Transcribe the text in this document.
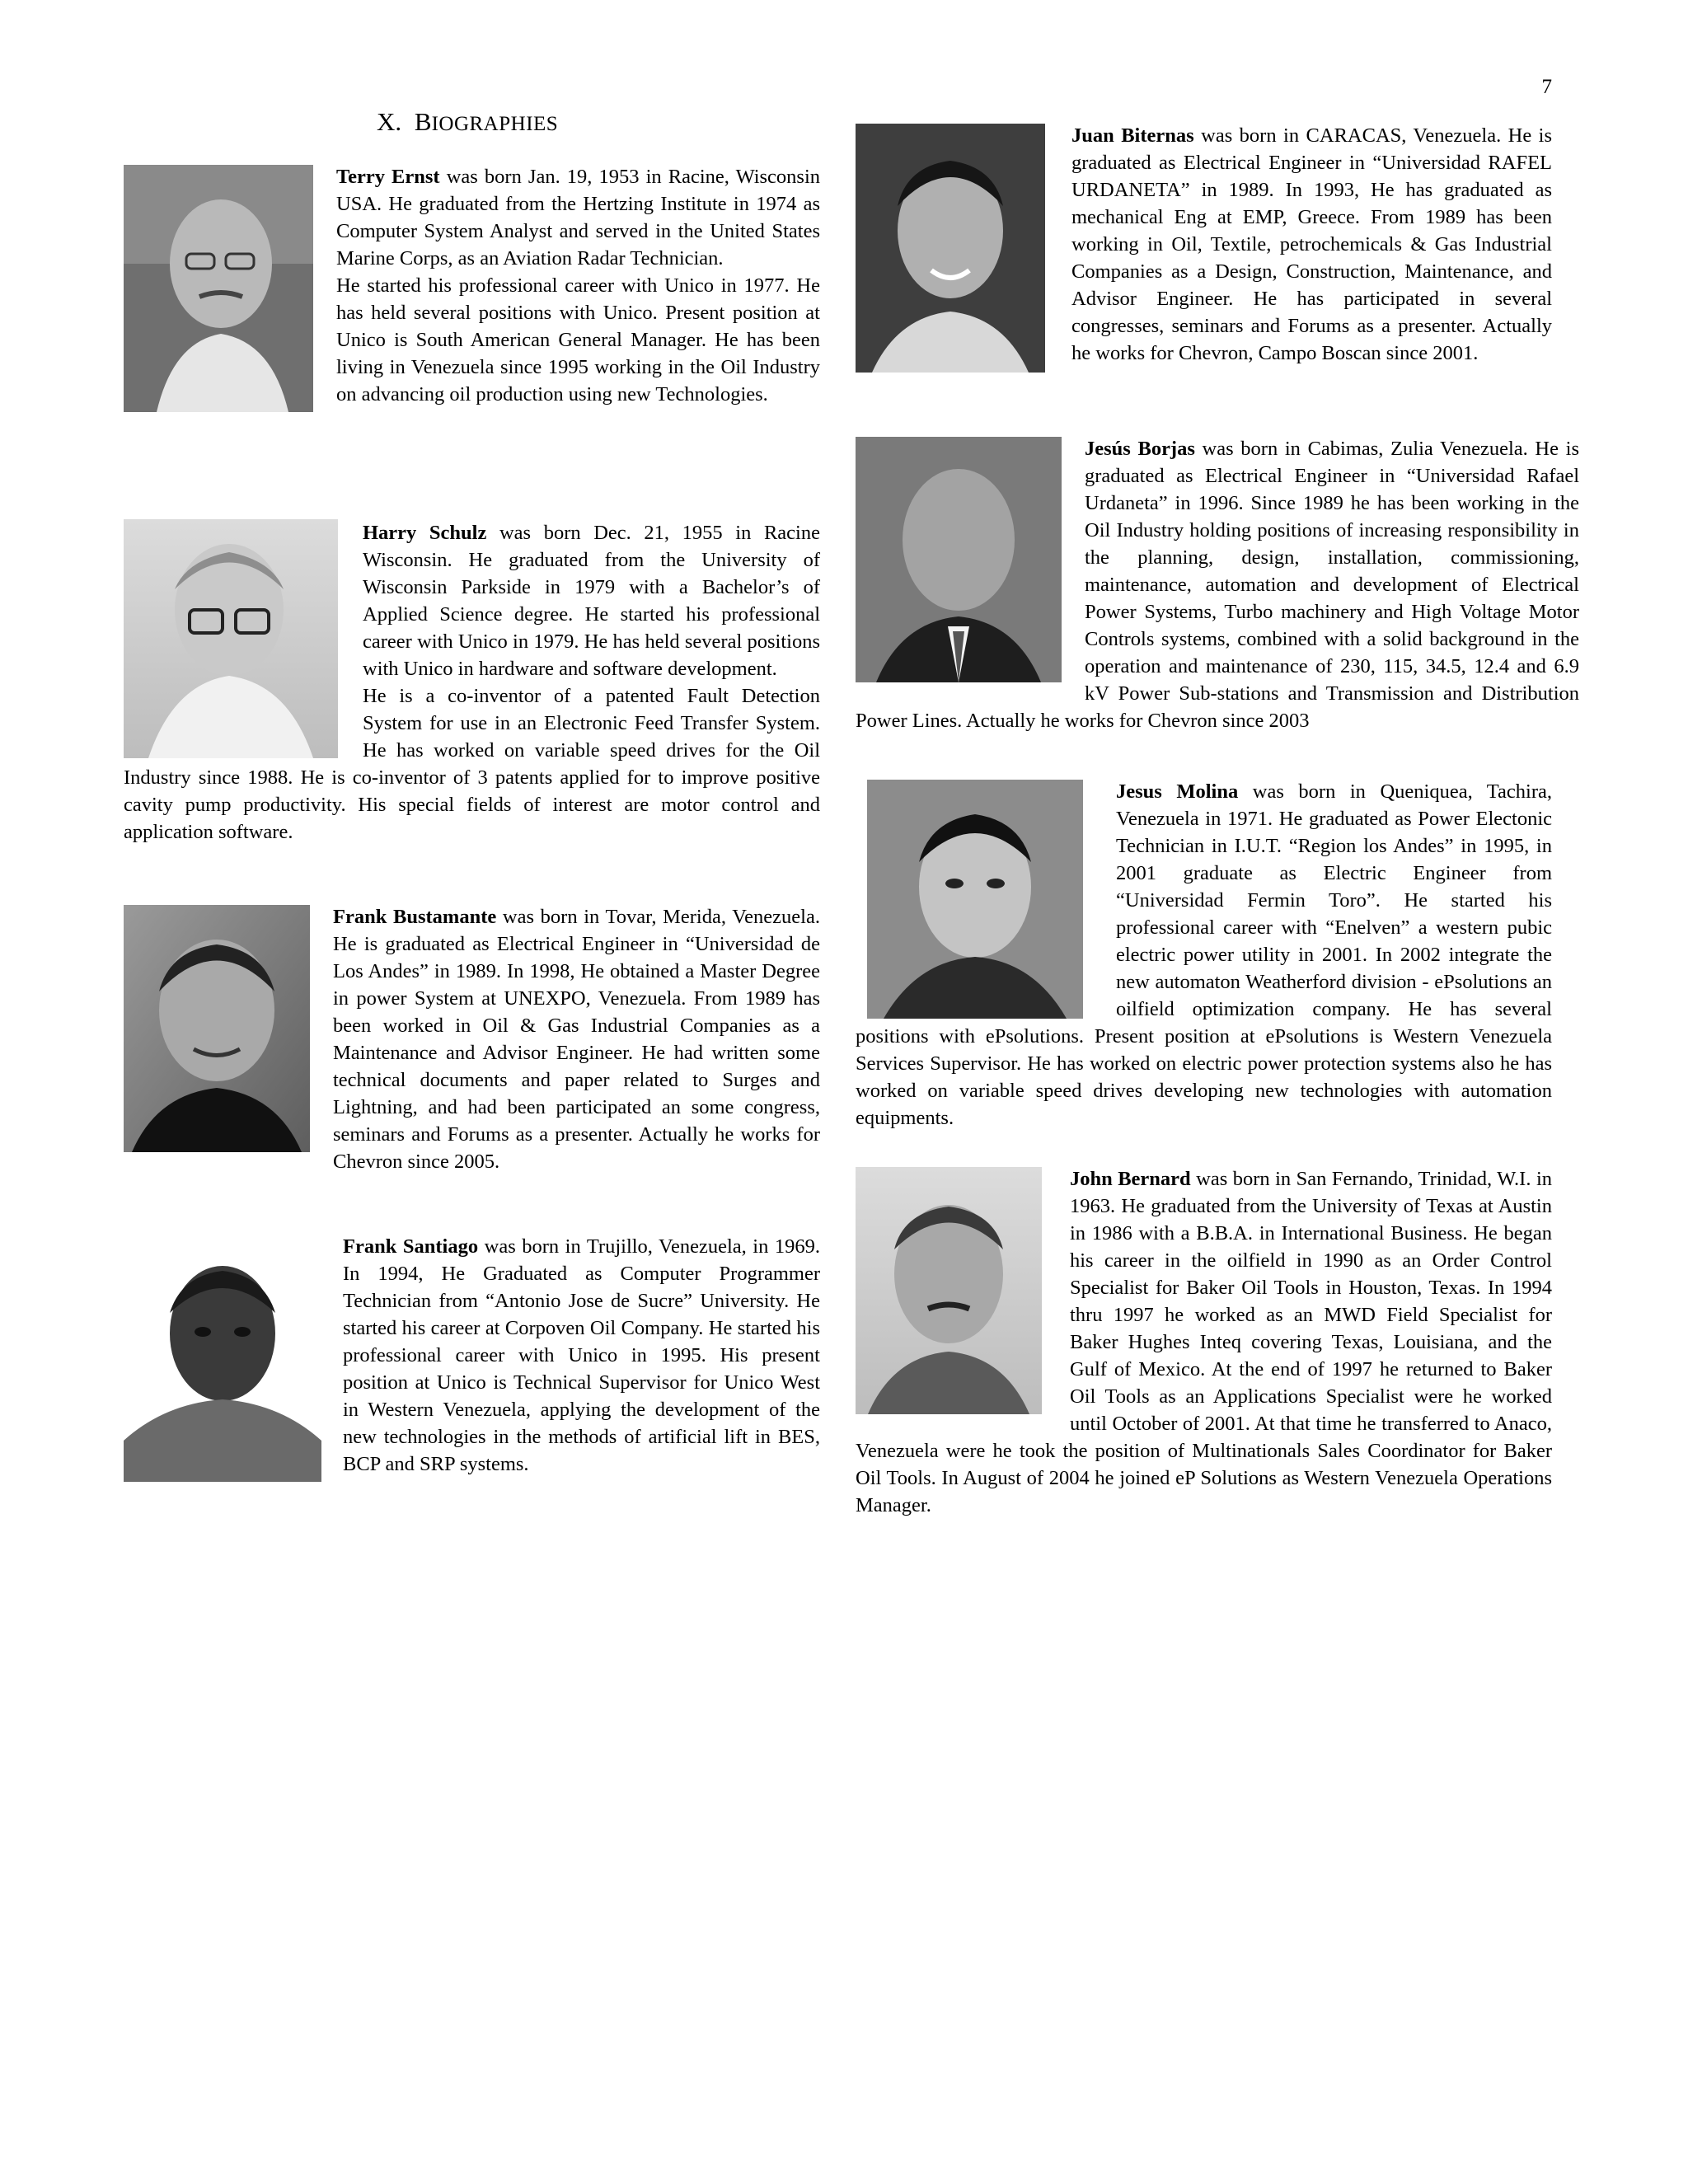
7
X. BIOGRAPHIES

Terry Ernst was born Jan. 19, 1953 in Racine, Wisconsin USA. He graduated from the Hertzing Institute in 1974 as Computer System Analyst and served in the United States Marine Corps, as an Aviation Radar Technician.

He started his professional career with Unico in 1977. He has held several positions with Unico. Present position at Unico is South American General Manager. He has been living in Venezuela since 1995 working in the Oil Industry on advancing oil production using new Technologies.

Harry Schulz was born Dec. 21, 1955 in Racine Wisconsin. He graduated from the University of Wisconsin Parkside in 1979 with a Bachelor’s of Applied Science degree. He started his professional career with Unico in 1979. He has held several positions with Unico in hardware and software development.

He is a co-inventor of a patented Fault Detection System for use in an Electronic Feed Transfer System. He has worked on variable speed drives for the Oil Industry since 1988. He is co-inventor of 3 patents applied for to improve positive cavity pump productivity. His special fields of interest are motor control and application software.

Frank Bustamante was born in Tovar, Merida, Venezuela. He is graduated as Electrical Engineer in “Universidad de Los Andes” in 1989. In 1998, He obtained a Master Degree in power System at UNEXPO, Venezuela. From 1989 has been worked in Oil & Gas Industrial Companies as a Maintenance and Advisor Engineer. He had written some technical documents and paper related to Surges and Lightning, and had been participated an some congress, seminars and Forums as a presenter. Actually he works for Chevron since 2005.

Frank Santiago was born in Trujillo, Venezuela, in 1969. In 1994, He Graduated as Computer Programmer Technician from “Antonio Jose de Sucre” University. He started his career at Corpoven Oil Company. He started his professional career with Unico in 1995. His present position at Unico is Technical Supervisor for Unico West in Western Venezuela, applying the development of the new technologies in the methods of artificial lift in BES, BCP and SRP systems.

Juan Biternas was born in CARACAS, Venezuela. He is graduated as Electrical Engineer in “Universidad RAFEL URDANETA” in 1989. In 1993, He has graduated as mechanical Eng at EMP, Greece. From 1989 has been working in Oil, Textile, petrochemicals & Gas Industrial Companies as a Design, Construction, Maintenance, and Advisor Engineer. He has participated in several congresses, seminars and Forums as a presenter. Actually he works for Chevron, Campo Boscan since 2001.

Jesús Borjas was born in Cabimas, Zulia Venezuela. He is graduated as Electrical Engineer in “Universidad Rafael Urdaneta” in 1996. Since 1989 he has been working in the Oil Industry holding positions of increasing responsibility in the planning, design, installation, commissioning, maintenance, automation and development of Electrical Power Systems, Turbo machinery and High Voltage Motor Controls systems, combined with a solid background in the operation and maintenance of 230, 115, 34.5, 12.4 and 6.9 kV Power Sub-stations and Transmission and Distribution Power Lines. Actually he works for Chevron since 2003

Jesus Molina was born in Queniquea, Tachira, Venezuela in 1971. He graduated as Power Electonic Technician in I.U.T. “Region los Andes” in 1995, in 2001 graduate as Electric Engineer from “Universidad Fermin Toro”. He started his professional career with “Enelven” a western pubic electric power utility in 2001. In 2002 integrate the new automaton Weatherford division - ePsolutions an oilfield optimization company. He has several positions with ePsolutions. Present position at ePsolutions is Western Venezuela Services Supervisor. He has worked on electric power protection systems also he has worked on variable speed drives developing new technologies with automation equipments.

John Bernard was born in San Fernando, Trinidad, W.I. in 1963. He graduated from the University of Texas at Austin in 1986 with a B.B.A. in International Business. He began his career in the oilfield in 1990 as an Order Control Specialist for Baker Oil Tools in Houston, Texas. In 1994 thru 1997 he worked as an MWD Field Specialist for Baker Hughes Inteq covering Texas, Louisiana, and the Gulf of Mexico. At the end of 1997 he returned to Baker Oil Tools as an Applications Specialist were he worked until October of 2001. At that time he transferred to Anaco, Venezuela were he took the position of Multinationals Sales Coordinator for Baker Oil Tools. In August of 2004 he joined eP Solutions as Western Venezuela Operations Manager.
